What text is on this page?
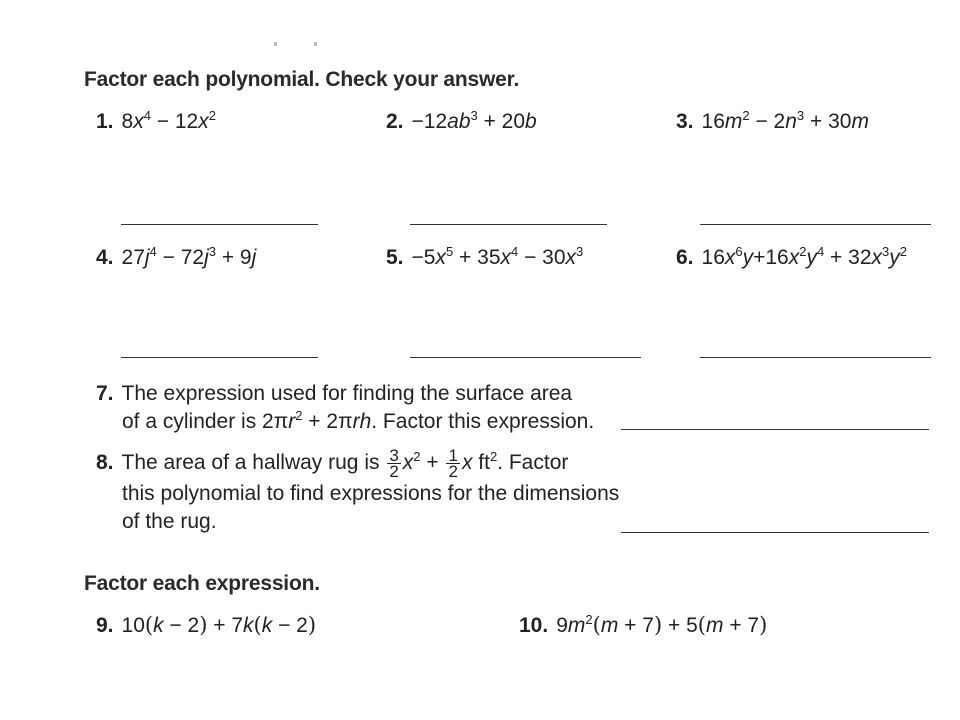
Factor each polynomial. Check your answer.
1. $8x^4 - 12x^2$	2. $-12ab^3 + 20b$	3. $16m^2 - 2n^3 + 30m$
4. $27j^4 - 72j^3 + 9j$	5. $-5x^5 + 35x^4 - 30x^3$	6. $16x^6y+16x^2y^4 + 32x^3y^2$
7. The expression used for finding the surface area
of a cylinder is $2\pi r^2 + 2\pi rh$. Factor this expression.
8. The area of a hallway rug is $\frac{3}{2} x^2 + \frac{1}{2}$ x $ft^2$. Factor
this polynomial to find expressions for the dimensions
of the rug.
Factor each expression.
9. 10(k − 2) + 7k(k − 2)	10. $9m^2(m + 7) + 5(m + 7)$
